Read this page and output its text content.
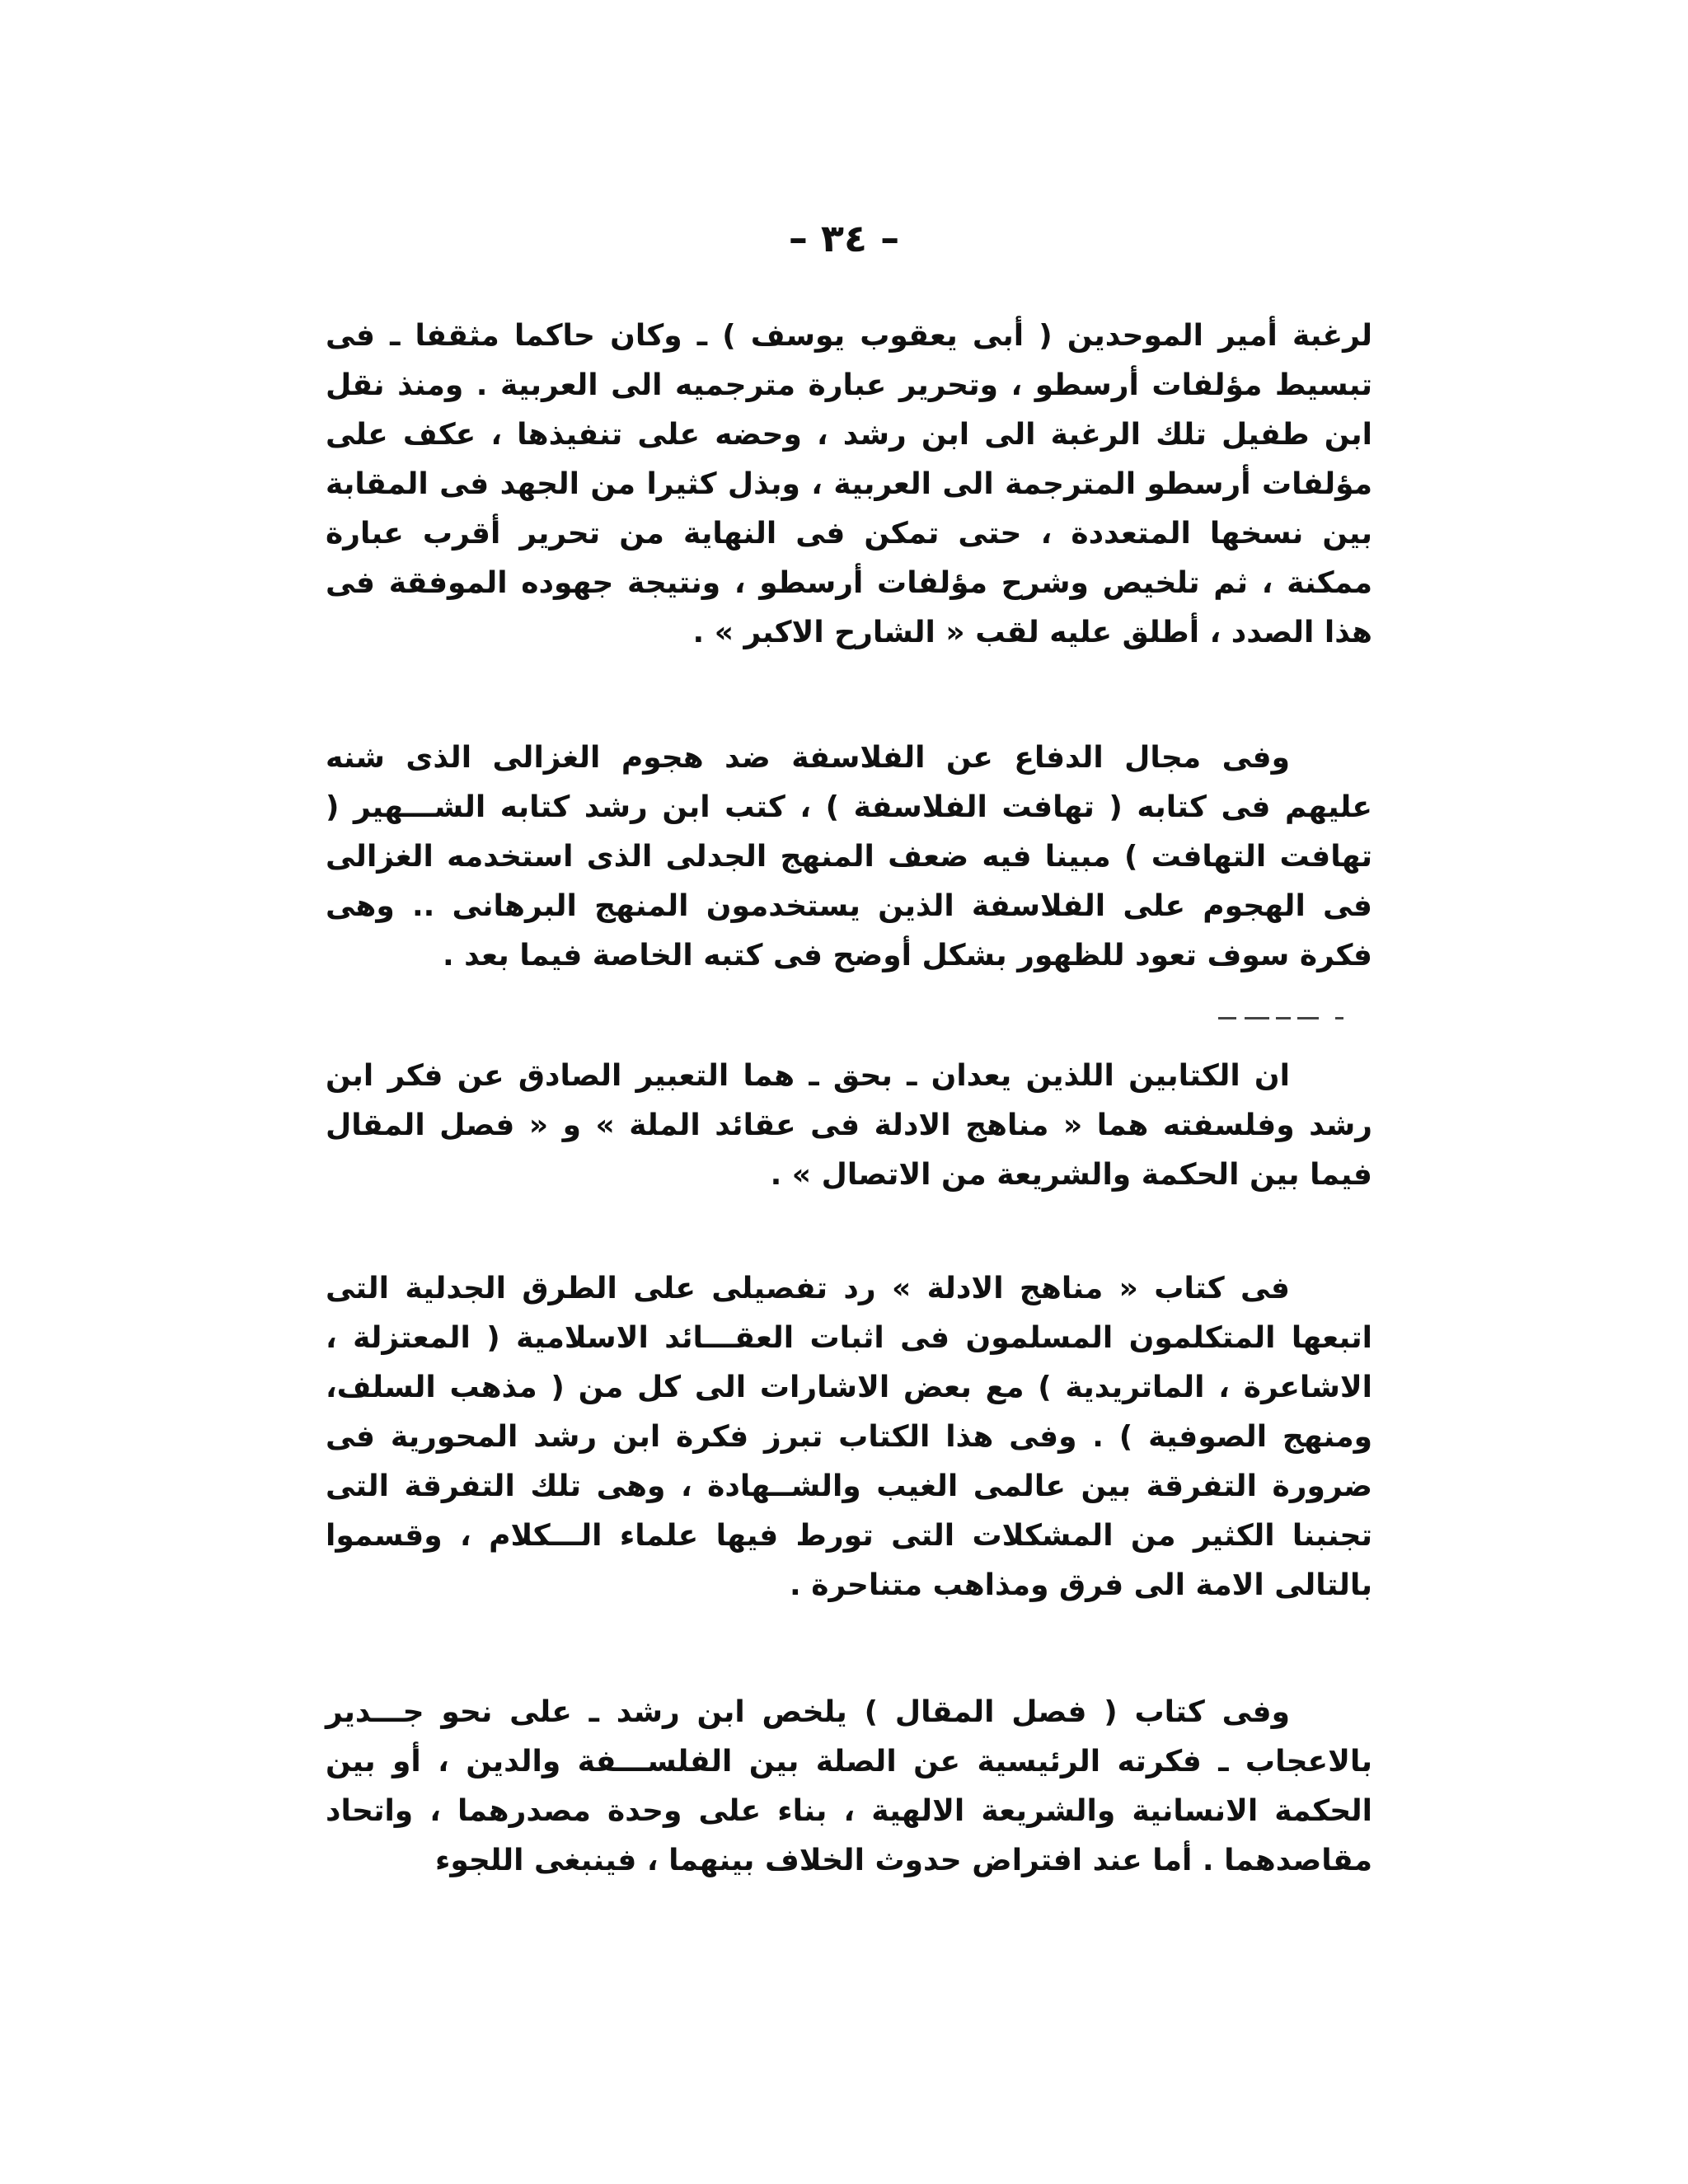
– ٣٤ –

لرغبة أمير الموحدين ( أبى يعقوب يوسف ) ـ وكان حاكما مثقفا ـ فى تبسيط مؤلفات أرسطو ، وتحرير عبارة مترجميه الى العربية . ومنذ نقل ابن طفيل تلك الرغبة الى ابن رشد ، وحضه على تنفيذها ، عكف على مؤلفات أرسطو المترجمة الى العربية ، وبذل كثيرا من الجهد فى المقابة بين نسخها المتعددة ، حتى تمكن فى النهاية من تحرير أقرب عبارة ممكنة ، ثم تلخيص وشرح مؤلفات أرسطو ، ونتيجة جهوده الموفقة فى هذا الصدد ، أطلق عليه لقب « الشارح الاكبر » .

وفى مجال الدفاع عن الفلاسفة ضد هجوم الغزالى الذى شنه عليهم فى كتابه ( تهافت الفلاسفة ) ، كتب ابن رشد كتابه الشـــهير ( تهافت التهافت ) مبينا فيه ضعف المنهج الجدلى الذى استخدمه الغزالى فى الهجوم على الفلاسفة الذين يستخدمون المنهج البرهانى .. وهى فكرة سوف تعود للظهور بشكل أوضح فى كتبه الخاصة فيما بعد .

ان الكتابين اللذين يعدان ـ بحق ـ هما التعبير الصادق عن فكر ابن رشد وفلسفته هما « مناهج الادلة فى عقائد الملة » و « فصل المقال فيما بين الحكمة والشريعة من الاتصال » .

فى كتاب « مناهج الادلة » رد تفصيلى على الطرق الجدلية التى اتبعها المتكلمون المسلمون فى اثبات العقـــائد الاسلامية ( المعتزلة ، الاشاعرة ، الماتريدية ) مع بعض الاشارات الى كل من ( مذهب السلف، ومنهج الصوفية ) . وفى هذا الكتاب تبرز فكرة ابن رشد المحورية فى ضرورة التفرقة بين عالمى الغيب والشــهادة ، وهى تلك التفرقة التى تجنبنا الكثير من المشكلات التى تورط فيها علماء الـــكلام ، وقسموا بالتالى الامة الى فرق ومذاهب متناحرة .

وفى كتاب ( فصل المقال ) يلخص ابن رشد ـ على نحو جـــدير بالاعجاب ـ فكرته الرئيسية عن الصلة بين الفلســـفة والدين ، أو بين الحكمة الانسانية والشريعة الالهية ، بناء على وحدة مصدرهما ، واتحاد مقاصدهما . أما عند افتراض حدوث الخلاف بينهما ، فينبغى اللجوء
